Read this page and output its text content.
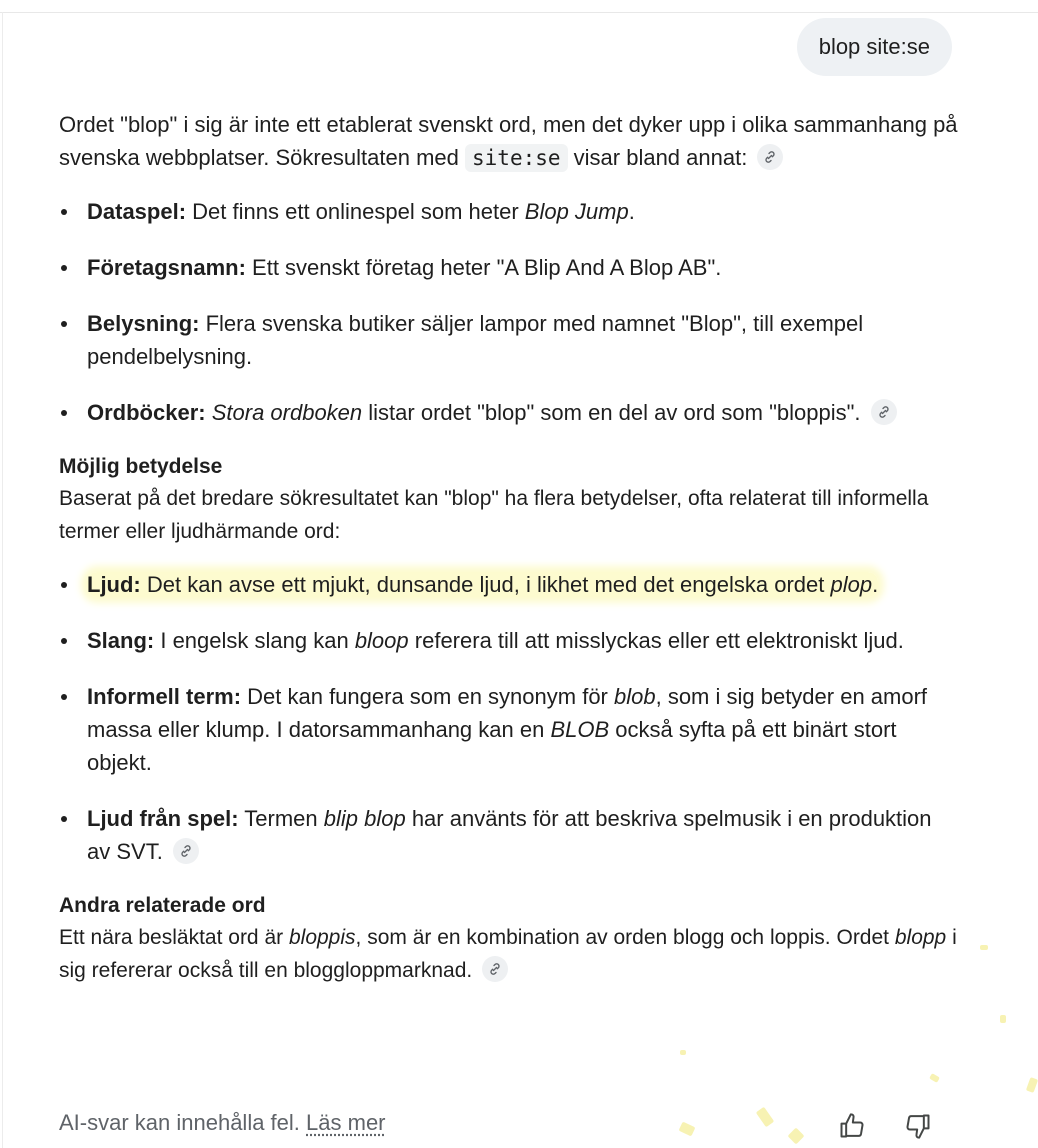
blop site:se

Ordet "blop" i sig är inte ett etablerat svenskt ord, men det dyker upp i olika sammanhang på svenska webbplatser. Sökresultaten med site:se visar bland annat:

Dataspel: Det finns ett onlinespel som heter Blop Jump.
Företagsnamn: Ett svenskt företag heter "A Blip And A Blop AB".
Belysning: Flera svenska butiker säljer lampor med namnet "Blop", till exempel pendelbelysning.
Ordböcker: Stora ordboken listar ordet "blop" som en del av ord som "bloppis".
Möjlig betydelse
Baserat på det bredare sökresultatet kan "blop" ha flera betydelser, ofta relaterat till informella termer eller ljudhärmande ord:
Ljud: Det kan avse ett mjukt, dunsande ljud, i likhet med det engelska ordet plop.
Slang: I engelsk slang kan bloop referera till att misslyckas eller ett elektroniskt ljud.
Informell term: Det kan fungera som en synonym för blob, som i sig betyder en amorf massa eller klump. I datorsammanhang kan en BLOB också syfta på ett binärt stort objekt.
Ljud från spel: Termen blip blop har använts för att beskriva spelmusik i en produktion av SVT.
Andra relaterade ord
Ett nära besläktat ord är bloppis, som är en kombination av orden blogg och loppis. Ordet blopp i sig refererar också till en bloggloppmarknad.
AI-svar kan innehålla fel. Läs mer
